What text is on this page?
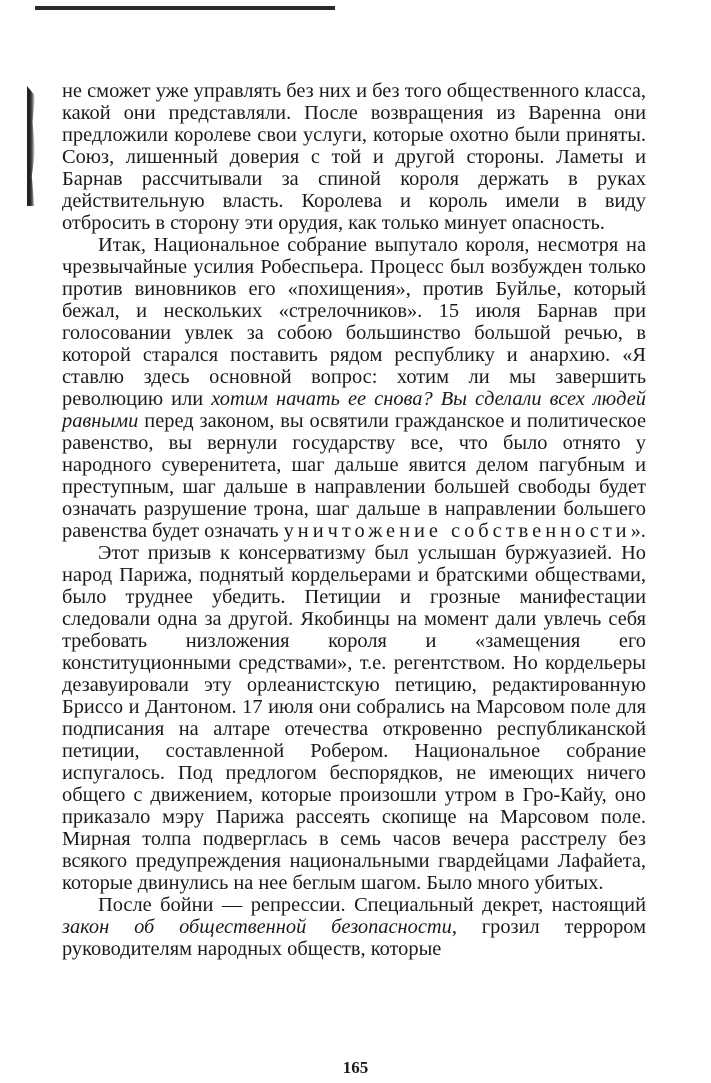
не сможет уже управлять без них и без того общественного класса, какой они представляли. После возвращения из Варенна они предложили королеве свои услуги, которые охотно были приняты. Союз, лишенный доверия с той и другой стороны. Ламеты и Барнав рассчитывали за спиной короля держать в руках действительную власть. Королева и король имели в виду отбросить в сторону эти орудия, как только минует опасность.

Итак, Национальное собрание выпутало короля, несмотря на чрезвычайные усилия Робеспьера. Процесс был возбужден только против виновников его «похищения», против Буйльe, который бежал, и нескольких «стрелочников». 15 июля Барнав при голосовании увлек за собою большинство большой речью, в которой старался поставить рядом республику и анархию. «Я ставлю здесь основной вопрос: хотим ли мы завершить революцию или хотим начать ее снова? Вы сделали всех людей равными перед законом, вы освятили гражданское и политическое равенство, вы вернули государству все, что было отнято у народного суверенитета, шаг дальше явится делом пагубным и преступным, шаг дальше в направлении большей свободы будет означать разрушение трона, шаг дальше в направлении большего равенства будет означать уничтожение собственности».

Этот призыв к консерватизму был услышан буржуазией. Но народ Парижа, поднятый кордельерами и братскими обществами, было труднее убедить. Петиции и грозные манифестации следовали одна за другой. Якобинцы на момент дали увлечь себя требовать низложения короля и «замещения его конституционными средствами», т.е. регентством. Но кордельеры дезавуировали эту орлеанистскую петицию, редактированную Бриссо и Дантоном. 17 июля они собрались на Марсовом поле для подписания на алтаре отечества откровенно республиканской петиции, составленной Робером. Национальное собрание испугалось. Под предлогом беспорядков, не имеющих ничего общего с движением, которые произошли утром в Гро-Кайу, оно приказало мэру Парижа рассеять скопище на Марсовом поле. Мирная толпа подверглась в семь часов вечера расстрелу без всякого предупреждения национальными гвардейцами Лафайета, которые двинулись на нее беглым шагом. Было много убитых.

После бойни — репрессии. Специальный декрет, настоящий закон об общественной безопасности, грозил террором руководителям народных обществ, которые

165
